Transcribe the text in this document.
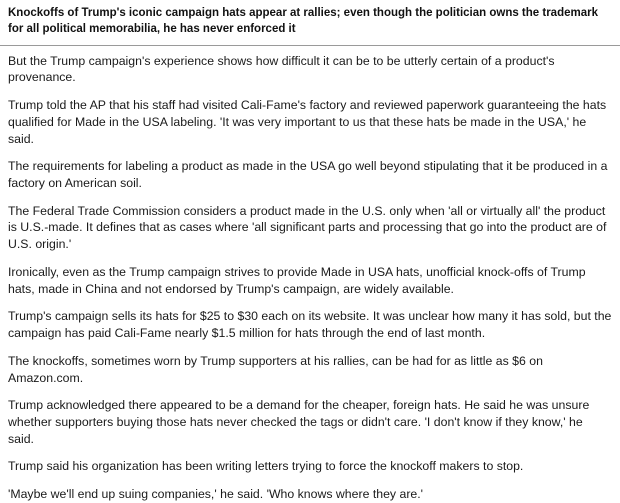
Knockoffs of Trump's iconic campaign hats appear at rallies; even though the politician owns the trademark for all political memorabilia, he has never enforced it

But the Trump campaign's experience shows how difficult it can be to be utterly certain of a product's provenance.

Trump told the AP that his staff had visited Cali-Fame's factory and reviewed paperwork guaranteeing the hats qualified for Made in the USA labeling. 'It was very important to us that these hats be made in the USA,' he said.

The requirements for labeling a product as made in the USA go well beyond stipulating that it be produced in a factory on American soil.

The Federal Trade Commission considers a product made in the U.S. only when 'all or virtually all' the product is U.S.-made. It defines that as cases where 'all significant parts and processing that go into the product are of U.S. origin.'

Ironically, even as the Trump campaign strives to provide Made in USA hats, unofficial knock-offs of Trump hats, made in China and not endorsed by Trump's campaign, are widely available.

Trump's campaign sells its hats for $25 to $30 each on its website. It was unclear how many it has sold, but the campaign has paid Cali-Fame nearly $1.5 million for hats through the end of last month.

The knockoffs, sometimes worn by Trump supporters at his rallies, can be had for as little as $6 on Amazon.com.

Trump acknowledged there appeared to be a demand for the cheaper, foreign hats. He said he was unsure whether supporters buying those hats never checked the tags or didn't care. 'I don't know if they know,' he said.

Trump said his organization has been writing letters trying to force the knockoff makers to stop.

'Maybe we'll end up suing companies,' he said. 'Who knows where they are.'
